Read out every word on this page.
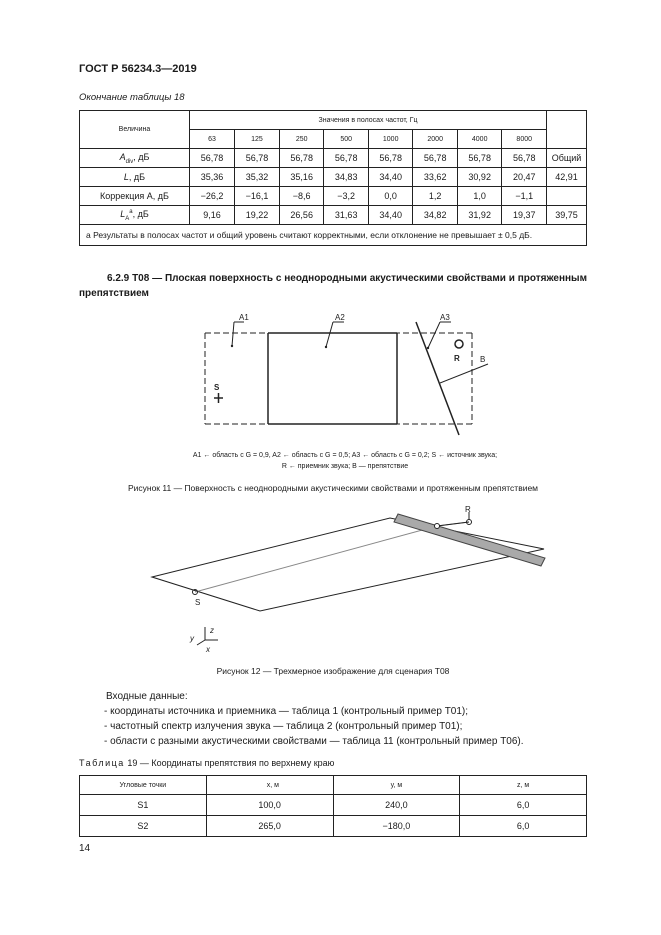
ГОСТ Р 56234.3—2019
Окончание таблицы 18
Величина	Значения в полосах частот, Гц								
	63	125	250	500	1000	2000	4000	8000	
$A_{div}$, дБ	56,78	56,78	56,78	56,78	56,78	56,78	56,78	56,78	Общий
L, дБ	35,36	35,32	35,16	34,83	34,40	33,62	30,92	20,47	42,91
Коррекция A, дБ	−26,2	−16,1	−8,6	−3,2	0,0	1,2	1,0	−1,1	
$L_A^а$, дБ	9,16	19,22	26,56	31,63	34,40	34,82	31,92	19,37	39,75
а Результаты в полосах частот и общий уровень считают корректными, если отклонение не превышает ± 0,5 дБ.									
6.2.9 T08 — Плоская поверхность с неоднородными акустическими свойствами и протяженным препятствием
A1	A2	A3
S
R	B
A1 ← область с G = 0,9, A2 ← область с G = 0,5; A3 ← область с G = 0,2; S ← источник звука;
R ← приемник звука; B — препятствие
Рисунок 11 — Поверхность с неоднородными акустическими свойствами и протяженным препятствием
S
R
z
y
x
Рисунок 12 — Трехмерное изображение для сценария T08
Входные данные:
- координаты источника и приемника — таблица 1 (контрольный пример T01);
- частотный спектр излучения звука — таблица 2 (контрольный пример T01);
- области с разными акустическими свойствами — таблица 11 (контрольный пример T06).
Таблица 19 — Координаты препятствия по верхнему краю
Угловые точки	x, м	y, м	z, м
S1	100,0	240,0	6,0
S2	265,0	−180,0	6,0
14
